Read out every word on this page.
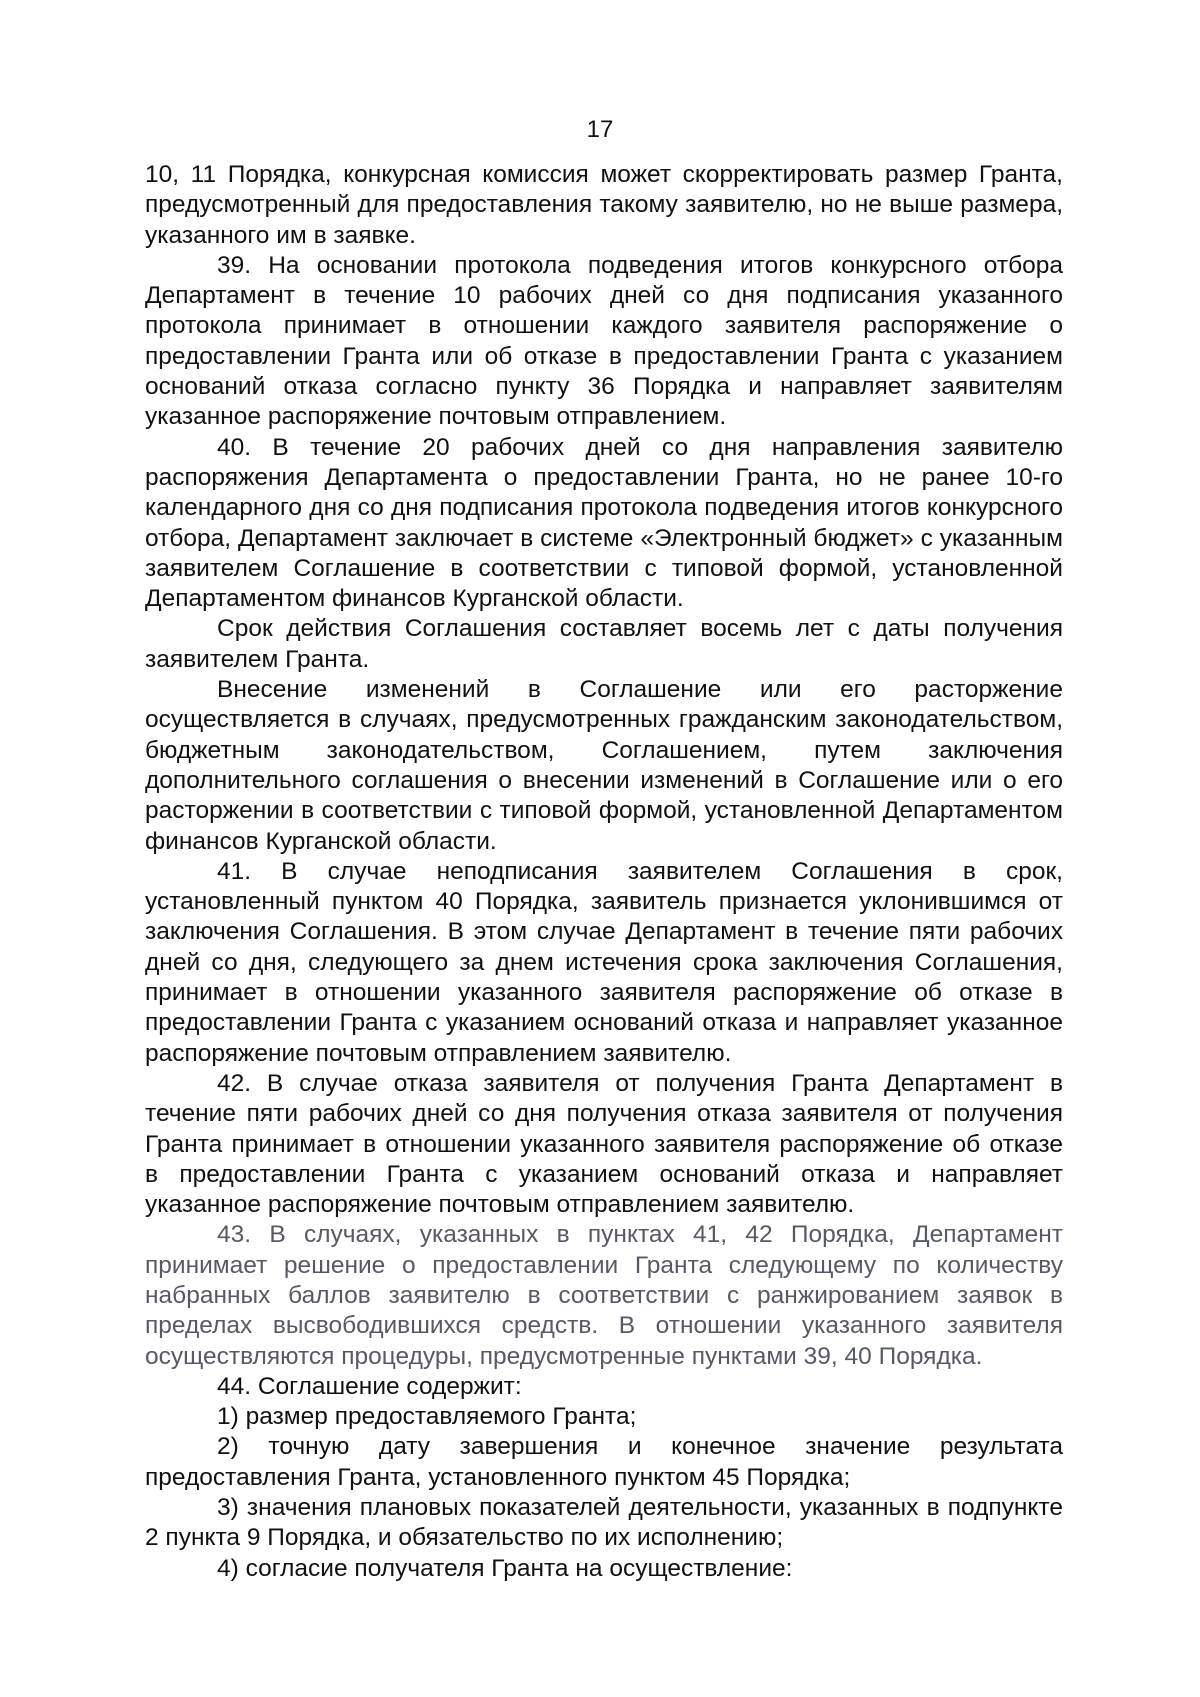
17

10, 11 Порядка, конкурсная комиссия может скорректировать размер Гранта, предусмотренный для предоставления такому заявителю, но не выше размера, указанного им в заявке.

39. На основании протокола подведения итогов конкурсного отбора Департамент в течение 10 рабочих дней со дня подписания указанного протокола принимает в отношении каждого заявителя распоряжение о предоставлении Гранта или об отказе в предоставлении Гранта с указанием оснований отказа согласно пункту 36 Порядка и направляет заявителям указанное распоряжение почтовым отправлением.

40. В течение 20 рабочих дней со дня направления заявителю распоряжения Департамента о предоставлении Гранта, но не ранее 10-го календарного дня со дня подписания протокола подведения итогов конкурсного отбора, Департамент заключает в системе «Электронный бюджет» с указанным заявителем Соглашение в соответствии с типовой формой, установленной Департаментом финансов Курганской области.

Срок действия Соглашения составляет восемь лет с даты получения заявителем Гранта.

Внесение изменений в Соглашение или его расторжение осуществляется в случаях, предусмотренных гражданским законодательством, бюджетным законодательством, Соглашением, путем заключения дополнительного соглашения о внесении изменений в Соглашение или о его расторжении в соответствии с типовой формой, установленной Департаментом финансов Курганской области.

41. В случае неподписания заявителем Соглашения в срок, установленный пунктом 40 Порядка, заявитель признается уклонившимся от заключения Соглашения. В этом случае Департамент в течение пяти рабочих дней со дня, следующего за днем истечения срока заключения Соглашения, принимает в отношении указанного заявителя распоряжение об отказе в предоставлении Гранта с указанием оснований отказа и направляет указанное распоряжение почтовым отправлением заявителю.

42. В случае отказа заявителя от получения Гранта Департамент в течение пяти рабочих дней со дня получения отказа заявителя от получения Гранта принимает в отношении указанного заявителя распоряжение об отказе в предоставлении Гранта с указанием оснований отказа и направляет указанное распоряжение почтовым отправлением заявителю.

43. В случаях, указанных в пунктах 41, 42 Порядка, Департамент принимает решение о предоставлении Гранта следующему по количеству набранных баллов заявителю в соответствии с ранжированием заявок в пределах высвободившихся средств. В отношении указанного заявителя осуществляются процедуры, предусмотренные пунктами 39, 40 Порядка.

44. Соглашение содержит:

1) размер предоставляемого Гранта;

2) точную дату завершения и конечное значение результата предоставления Гранта, установленного пунктом 45 Порядка;

3) значения плановых показателей деятельности, указанных в подпункте 2 пункта 9 Порядка, и обязательство по их исполнению;

4) согласие получателя Гранта на осуществление:
